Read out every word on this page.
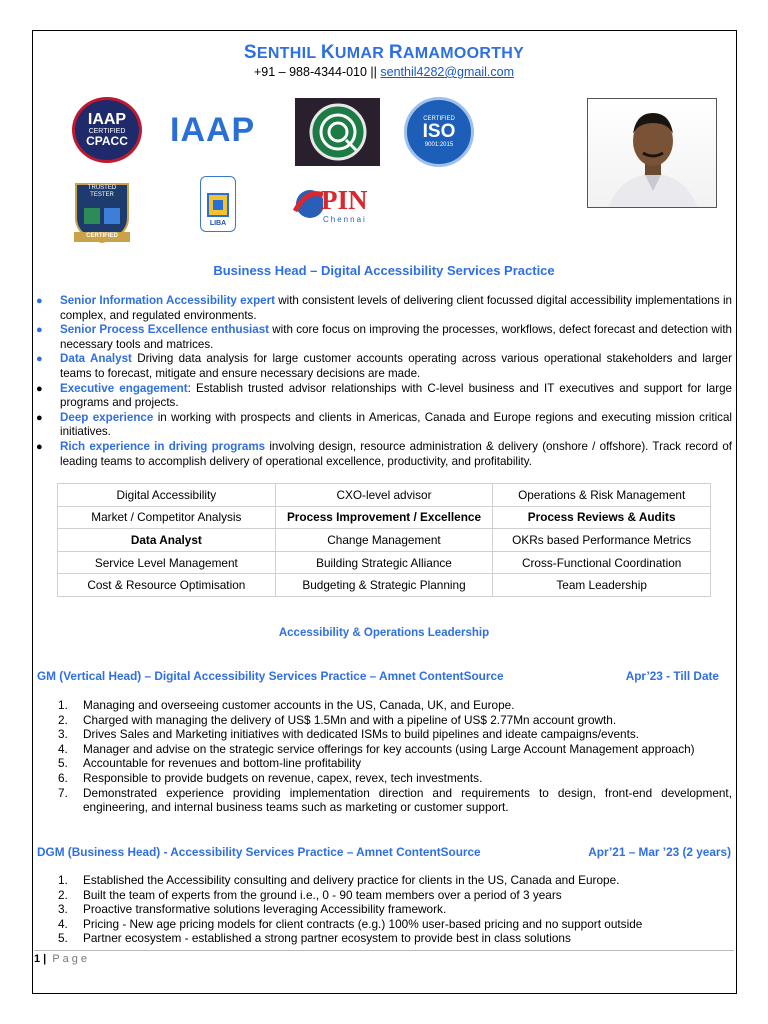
SENTHIL KUMAR RAMAMOORTHY
+91 – 988-4344-010 || senthil4282@gmail.com
IAAP
CERTIFIED
CPACC IAAP	CERTIFIED
ISO
9001:2015
TRUSTED
TESTER
CERTIFIED
LIBA
PIN
Chennai
Business Head – Digital Accessibility Services Practice
● Senior Information Accessibility expert with consistent levels of delivering client focussed digital accessibility implementations in complex, and regulated environments.
● Senior Process Excellence enthusiast with core focus on improving the processes, workflows, defect forecast and detection with necessary tools and matrices.
● Data Analyst Driving data analysis for large customer accounts operating across various operational stakeholders and larger teams to forecast, mitigate and ensure necessary decisions are made.
● Executive engagement: Establish trusted advisor relationships with C-level business and IT executives and support for large programs and projects.
● Deep experience in working with prospects and clients in Americas, Canada and Europe regions and executing mission critical initiatives.
● Rich experience in driving programs involving design, resource administration & delivery (onshore / offshore). Track record of leading teams to accomplish delivery of operational excellence, productivity, and profitability.
Digital Accessibility	CXO-level advisor	Operations & Risk Management
Market / Competitor Analysis	Process Improvement / Excellence	Process Reviews & Audits
Data Analyst	Change Management	OKRs based Performance Metrics
Service Level Management	Building Strategic Alliance	Cross-Functional Coordination
Cost & Resource Optimisation	Budgeting & Strategic Planning	Team Leadership
Accessibility & Operations Leadership
GM (Vertical Head) – Digital Accessibility Services Practice – Amnet ContentSource	Apr’23 - Till Date
1. Managing and overseeing customer accounts in the US, Canada, UK, and Europe.
2. Charged with managing the delivery of US$ 1.5Mn and with a pipeline of US$ 2.77Mn account growth.
3. Drives Sales and Marketing initiatives with dedicated ISMs to build pipelines and ideate campaigns/events.
4. Manager and advise on the strategic service offerings for key accounts (using Large Account Management approach)
5. Accountable for revenues and bottom-line profitability
6. Responsible to provide budgets on revenue, capex, revex, tech investments.
7. Demonstrated experience providing implementation direction and requirements to design, front-end development, engineering, and internal business teams such as marketing or customer support.
DGM (Business Head) - Accessibility Services Practice – Amnet ContentSource	Apr’21 – Mar ’23 (2 years)
1. Established the Accessibility consulting and delivery practice for clients in the US, Canada and Europe.
2. Built the team of experts from the ground i.e., 0 - 90 team members over a period of 3 years
3. Proactive transformative solutions leveraging Accessibility framework.
4. Pricing - New age pricing models for client contracts (e.g.) 100% user-based pricing and no support outside
5. Partner ecosystem - established a strong partner ecosystem to provide best in class solutions
1 | Page
